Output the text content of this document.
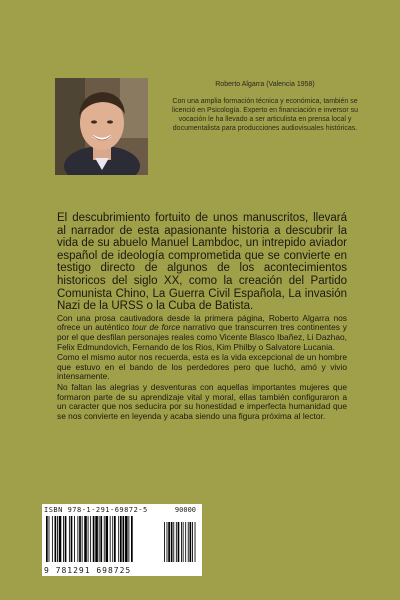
Roberto Algarra (Valencia 1958)
Con una amplia formación técnica y económica, también se licenció en Psicología. Experto en financiación e inversor su vocación le ha llevado a ser articulista en prensa local y documentalista para producciones audiovisuales históricas.

El descubrimiento fortuito de unos manuscritos, llevará al narrador de esta apasionante historia a descubrir la vida de su abuelo Manuel Lambdoc, un intrepido aviador español de ideología comprometida que se convierte en testigo directo de algunos de los acontecimientos historicos del siglo XX, como la creación del Partido Comunista Chino, La Guerra Civil Española, La invasión Nazi de la URSS o la Cuba de Batista.

Con una prosa cautivadora desde la primera página, Roberto Algarra nos ofrece un auténtico tour de force narrativo que transcurren tres continentes y por el que desfilan personajes reales como Vicente Blasco Ibañez, Li Dazhao, Felix Edmundovich, Fernando de los Rios, Kim Philby o Salvatore Lucania.

Como el mismo autor nos recuerda, esta es la vida excepcional de un hombre que estuvo en el bando de los perdedores pero que luchó, amó y vivio intensamente.

No faltan las alegrias y desventuras con aquellas importantes mujeres que formaron parte de su aprendizaje vital y moral, ellas también configuraron a un caracter que nos seducira por su honestidad e imperfecta humanidad que se nos convierte en leyenda y acaba siendo una figura próxima al lector.

ISBN 978-1-291-69872-5	90000
9 781291 698725
